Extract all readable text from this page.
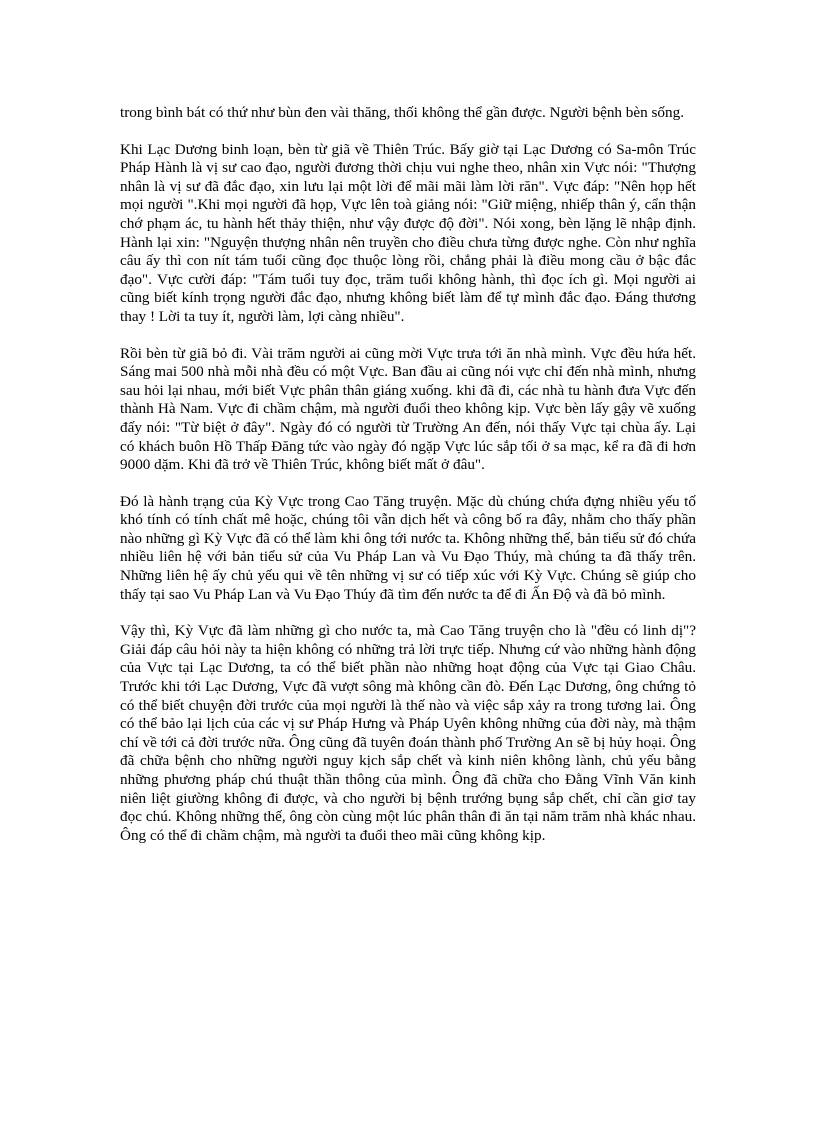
trong bình bát có thứ như bùn đen vài thăng, thối không thể gần được. Người bệnh bèn sống.

Khi Lạc Dương binh loạn, bèn từ giã về Thiên Trúc. Bấy giờ tại Lạc Dương có Sa-môn Trúc Pháp Hành là vị sư cao đạo, người đương thời chịu vui nghe theo, nhân xin Vực nói: "Thượng nhân là vị sư đã đắc đạo, xin lưu lại một lời để mãi mãi làm lời răn". Vực đáp: "Nên họp hết mọi người ".Khi mọi người đã họp, Vực lên toà giảng nói: "Giữ miệng, nhiếp thân ý, cẩn thận chớ phạm ác, tu hành hết thảy thiện, như vậy được độ đời". Nói xong, bèn lặng lẽ nhập định. Hành lại xin: "Nguyện thượng nhân nên truyền cho điều chưa từng được nghe. Còn như nghĩa câu ấy thì con nít tám tuổi cũng đọc thuộc lòng rồi, chẳng phải là điều mong cầu ở bậc đắc đạo". Vực cười đáp: "Tám tuổi tuy đọc, trăm tuổi không hành, thì đọc ích gì. Mọi người ai cũng biết kính trọng người đắc đạo, nhưng không biết làm để tự mình đắc đạo. Đáng thương thay ! Lời ta tuy ít, người làm, lợi càng nhiều".

Rồi bèn từ giã bỏ đi. Vài trăm người ai cũng mời Vực trưa tới ăn nhà mình. Vực đều hứa hết. Sáng mai 500 nhà mỗi nhà đều có một Vực. Ban đầu ai cũng nói vực chỉ đến nhà mình, nhưng sau hỏi lại nhau, mới biết Vực phân thân giáng xuống. khi đã đi, các nhà tu hành đưa Vực đến thành Hà Nam. Vực đi chầm chậm, mà người đuổi theo không kịp. Vực bèn lấy gậy vẽ xuống đấy nói: "Từ biệt ở đây". Ngày đó có người từ Trường An đến, nói thấy Vực tại chùa ấy. Lại có khách buôn Hồ Thấp Đăng tức vào ngày đó ngặp Vực lúc sắp tối ở sa mạc, kể ra đã đi hơn 9000 dặm. Khi đã trở về Thiên Trúc, không biết mất ở đâu".

Đó là hành trạng của Kỳ Vực trong Cao Tăng truyện. Mặc dù chúng chứa đựng nhiều yếu tố khó tính có tính chất mê hoặc, chúng tôi vẫn dịch hết và công bố ra đây, nhằm cho thấy phần nào những gì Kỳ Vực đã có thể làm khi ông tới nước ta. Không những thế, bản tiểu sử đó chứa nhiều liên hệ với bản tiểu sử của Vu Pháp Lan và Vu Đạo Thúy, mà chúng ta đã thấy trên. Những liên hệ ấy chủ yếu qui về tên những vị sư có tiếp xúc với Kỳ Vực. Chúng sẽ giúp cho thấy tại sao Vu Pháp Lan và Vu Đạo Thúy đã tìm đến nước ta để đi Ấn Độ và đã bỏ mình.

Vậy thì, Kỳ Vực đã làm những gì cho nước ta, mà Cao Tăng truyện cho là "đều có linh dị"? Giải đáp câu hỏi này ta hiện không có những trả lời trực tiếp. Nhưng cứ vào những hành động của Vực tại Lạc Dương, ta có thể biết phần nào những hoạt động của Vực tại Giao Châu. Trước khi tới Lạc Dương, Vực đã vượt sông mà không cần đò. Đến Lạc Dương, ông chứng tỏ có thể biết chuyện đời trước của mọi người là thế nào và việc sắp xảy ra trong tương lai. Ông có thể bảo lại lịch của các vị sư Pháp Hưng và Pháp Uyên không những của đời này, mà thậm chí về tới cả đời trước nữa. Ông cũng đã tuyên đoán thành phố Trường An sẽ bị hủy hoại. Ông đã chữa bệnh cho những người nguy kịch sắp chết và kinh niên không lành, chủ yếu bằng những phương pháp chú thuật thần thông của mình. Ông đã chữa cho Đằng Vĩnh Văn kinh niên liệt giường không đi được, và cho người bị bệnh trướng bụng sắp chết, chỉ cần giơ tay đọc chú. Không những thế, ông còn cùng một lúc phân thân đi ăn tại năm trăm nhà khác nhau. Ông có thể đi chầm chậm, mà người ta đuổi theo mãi cũng không kịp.
